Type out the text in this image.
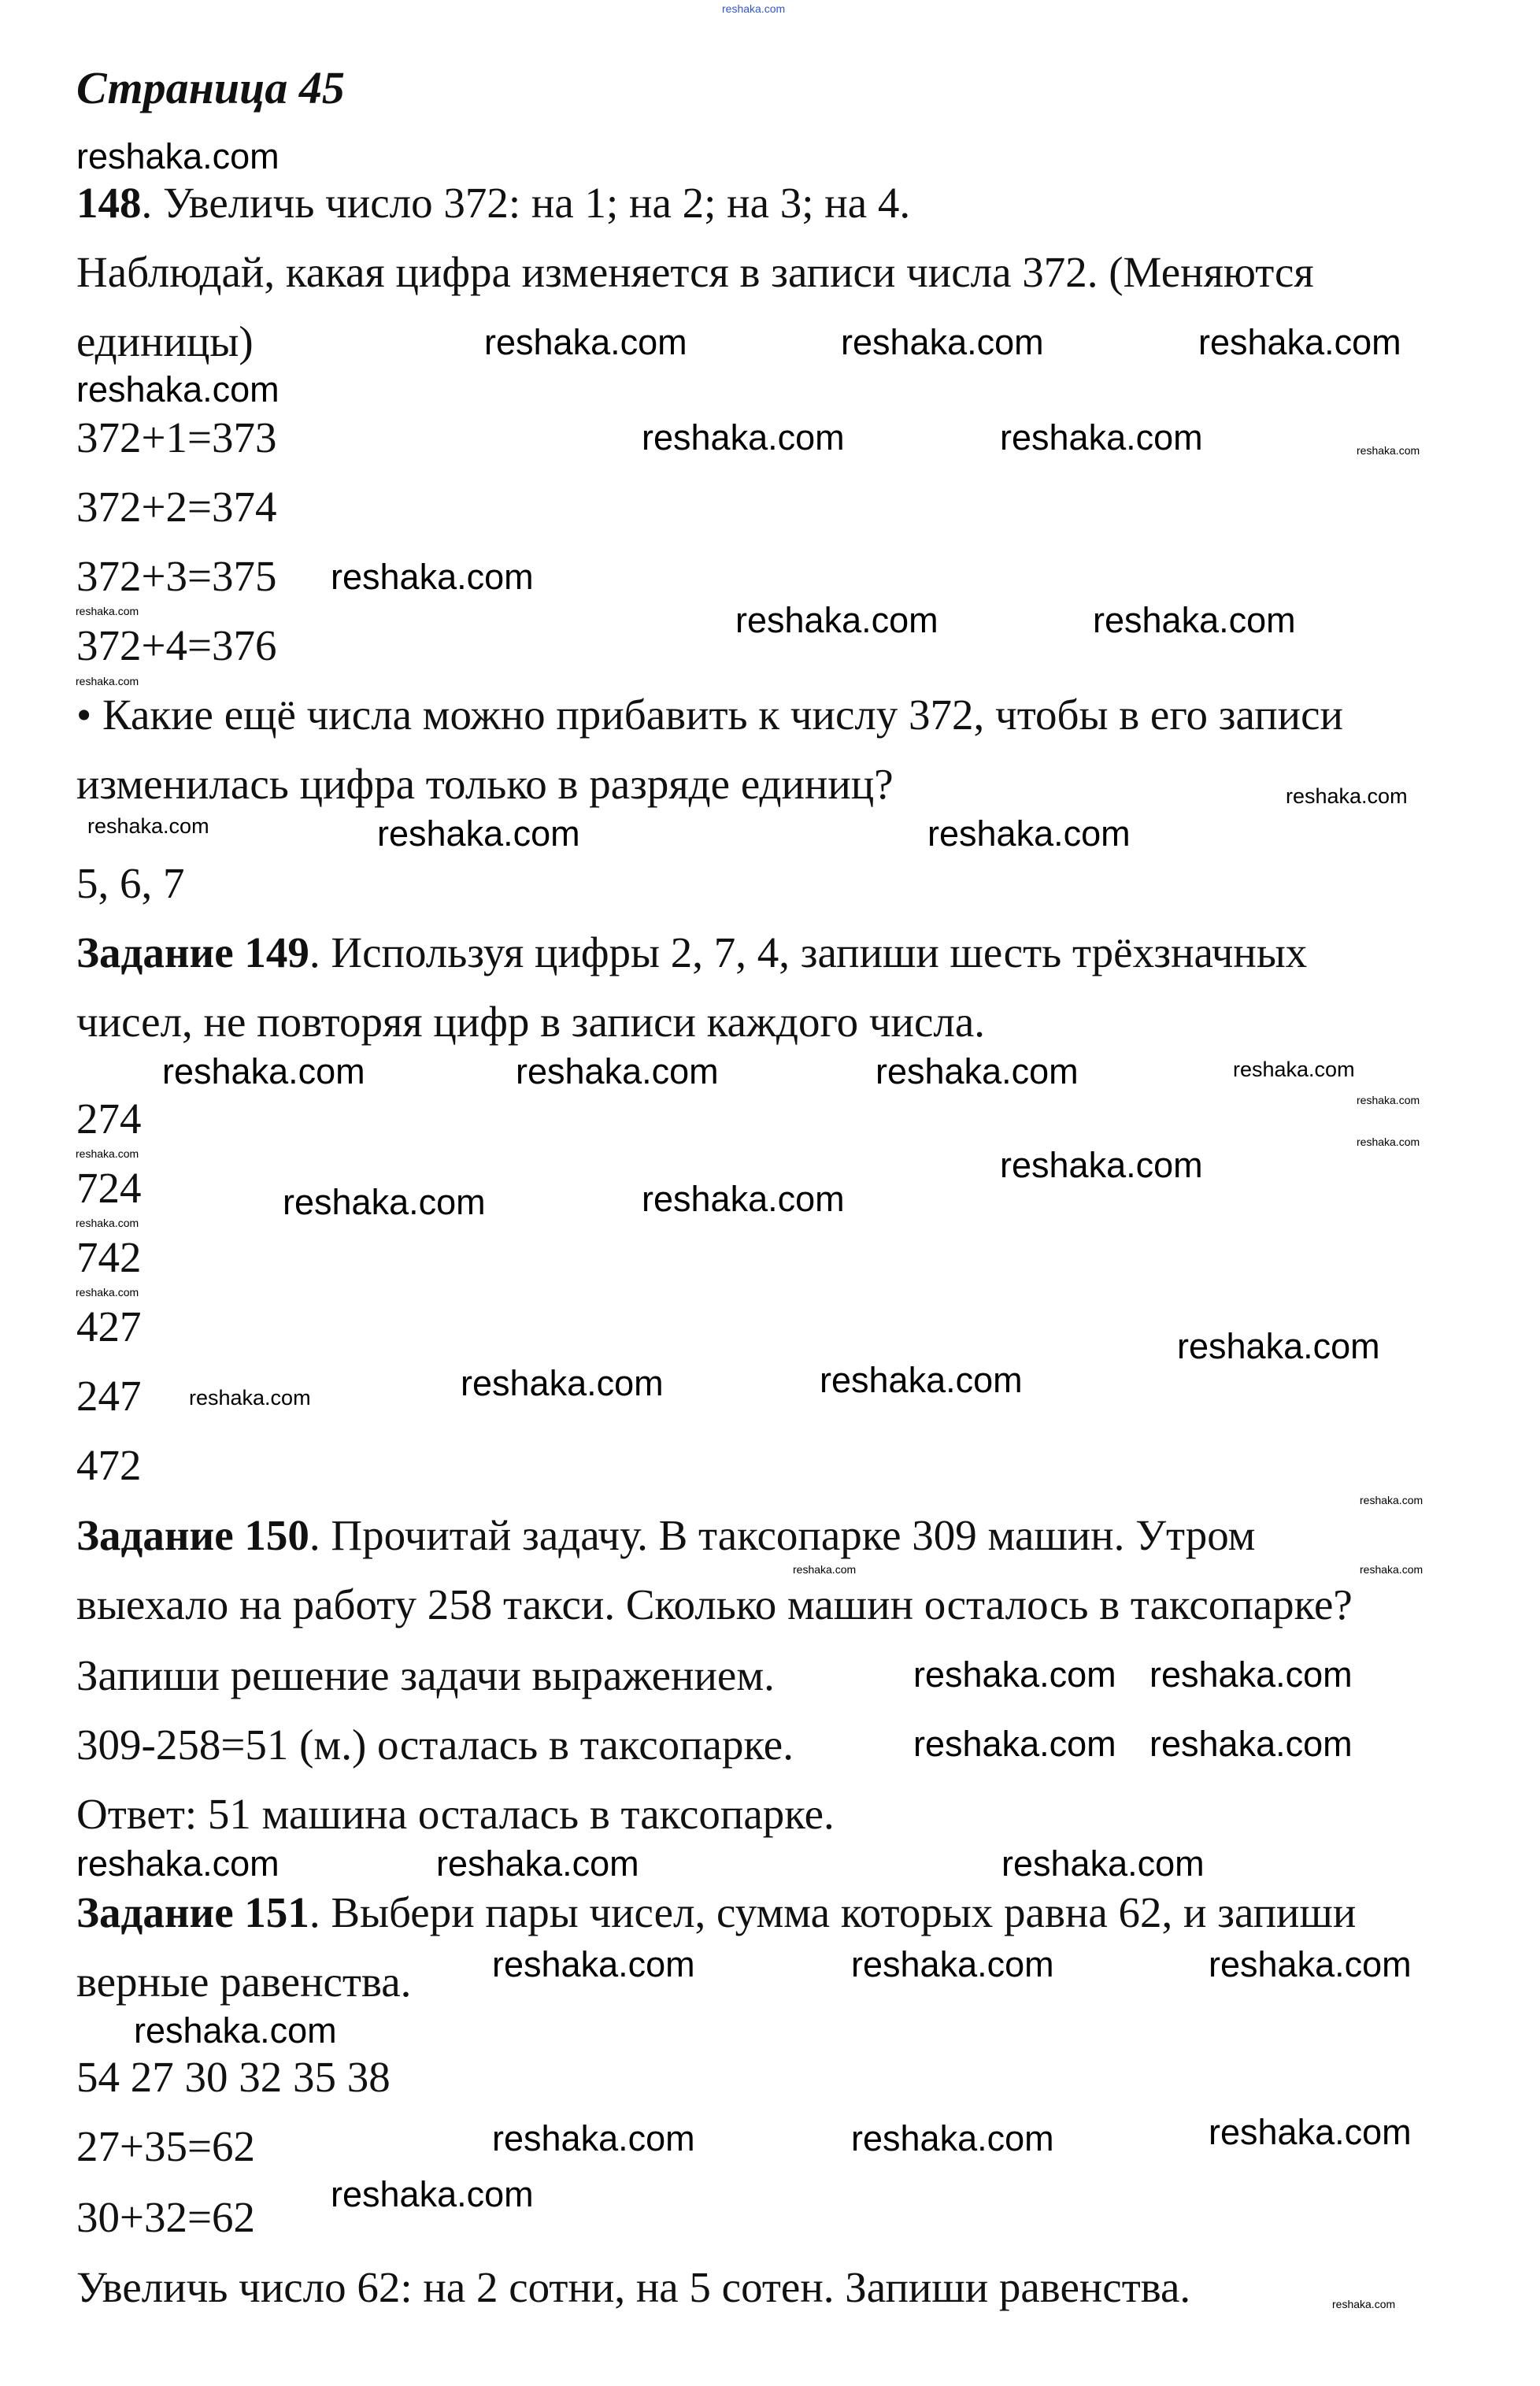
Страница 45
148. Увеличь число 372: на 1; на 2; на 3; на 4.
Наблюдай, какая цифра изменяется в записи числа 372. (Меняются
единицы)
372+1=373
372+2=374
372+3=375
372+4=376
• Какие ещё числа можно прибавить к числу 372, чтобы в его записи
изменилась цифра только в разряде единиц?
5, 6, 7
Задание 149. Используя цифры 2, 7, 4, запиши шесть трёхзначных
чисел, не повторяя цифр в записи каждого числа.
274
724
742
427
247
472
Задание 150. Прочитай задачу. В таксопарке 309 машин. Утром
выехало на работу 258 такси. Сколько машин осталось в таксопарке?
Запиши решение задачи выражением.
309-258=51 (м.) осталась в таксопарке.
Ответ: 51 машина осталась в таксопарке.
Задание 151. Выбери пары чисел, сумма которых равна 62, и запиши
верные равенства.
54 27 30 32 35 38
27+35=62
30+32=62
Увеличь число 62: на 2 сотни, на 5 сотен. Запиши равенства.
reshaka.com
reshaka.com
reshaka.com	reshaka.com	reshaka.com
reshaka.com
reshaka.com	reshaka.com	reshaka.com
reshaka.com
reshaka.com	reshaka.com	reshaka.com
reshaka.com
reshaka.com	reshaka.com
reshaka.com
reshaka.com
reshaka.com	reshaka.com	reshaka.com	reshaka.com
reshaka.com
reshaka.com
reshaka.com
reshaka.com	reshaka.com
reshaka.com
reshaka.com
reshaka.com
reshaka.com	reshaka.com	reshaka.com
reshaka.com
reshaka.com
reshaka.com
reshaka.com
reshaka.com	reshaka.com	reshaka.com
reshaka.com reshaka.com
reshaka.com reshaka.com
reshaka.com
reshaka.com	reshaka.com	reshaka.com
reshaka.com	reshaka.com	reshaka.com
reshaka.com
reshaka.com
